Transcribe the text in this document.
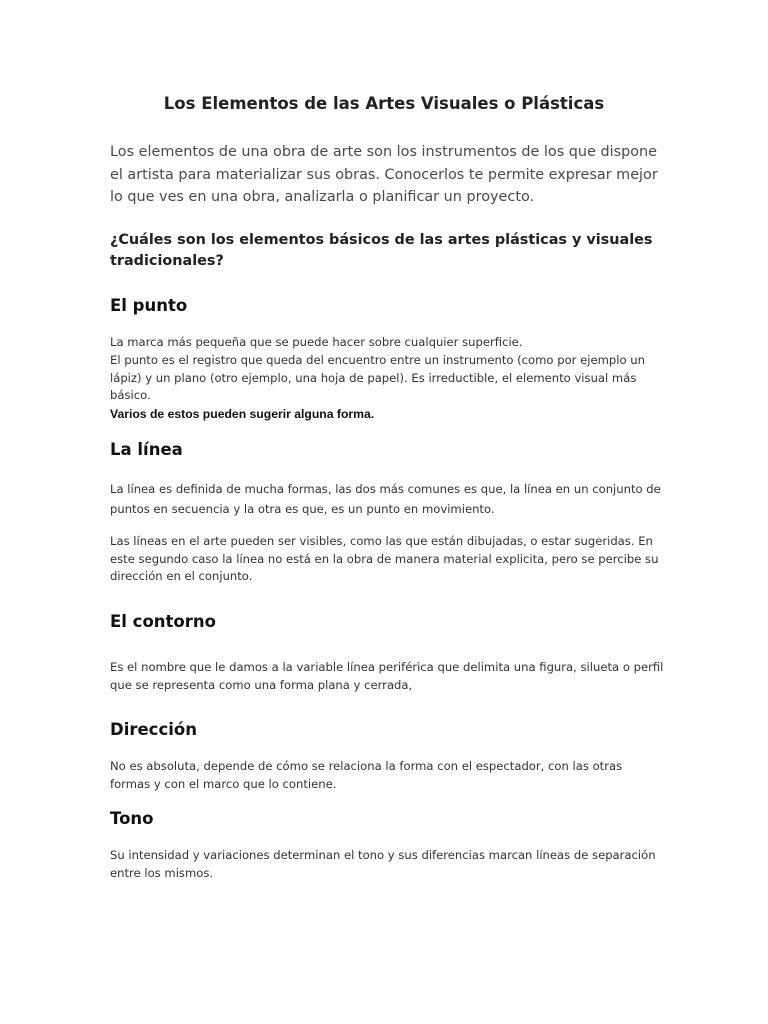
Los Elementos de las Artes Visuales o Plásticas

Los elementos de una obra de arte son los instrumentos de los que dispone el artista para materializar sus obras. Conocerlos te permite expresar mejor lo que ves en una obra, analizarla o planificar un proyecto.

¿Cuáles son los elementos básicos de las artes plásticas y visuales tradicionales?

El punto

La marca más pequeña que se puede hacer sobre cualquier superficie.

El punto es el registro que queda del encuentro entre un instrumento (como por ejemplo un lápiz) y un plano (otro ejemplo, una hoja de papel). Es irreductible, el elemento visual más básico.

Varios de estos pueden sugerir alguna forma.

La línea

La línea es definida de mucha formas, las dos más comunes es que, la línea en un conjunto de puntos en secuencia y la otra es que, es un punto en movimiento.

Las líneas en el arte pueden ser visibles, como las que están dibujadas, o estar sugeridas. En este segundo caso la línea no está en la obra de manera material explicita, pero se percibe su dirección en el conjunto.

El contorno

Es el nombre que le damos a la variable línea periférica que delimita una figura, silueta o perfil que se representa como una forma plana y cerrada,

Dirección

No es absoluta, depende de cómo se relaciona la forma con el espectador, con las otras formas y con el marco que lo contiene.

Tono

Su intensidad y variaciones determinan el tono y sus diferencias marcan líneas de separación entre los mismos.
